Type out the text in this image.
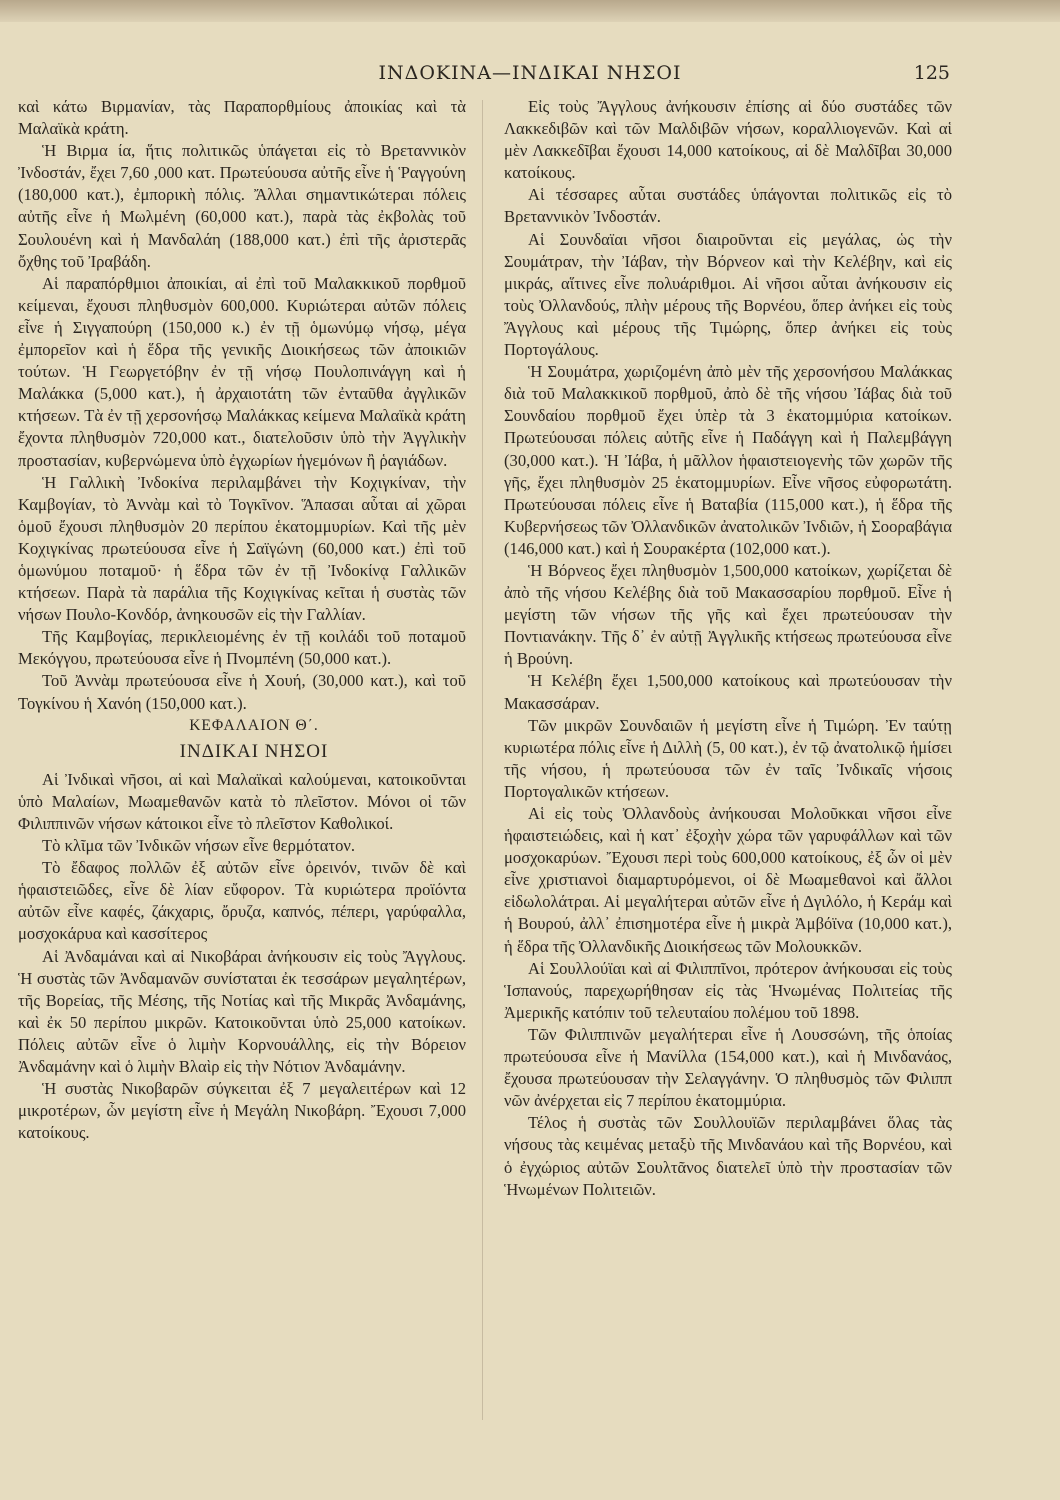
ΙΝΔΟΚΙΝΑ—ΙΝΔΙΚΑΙ ΝΗΣΟΙ	125

καὶ κάτω Βιρμανίαν, τὰς Παραπορθμίους ἀποικίας καὶ τὰ Μαλαϊκὰ κράτη.

Ἡ Βιρμα ία, ἥτις πολιτικῶς ὑπάγεται εἰς τὸ Βρεταννικὸν Ἰνδοστάν, ἔχει 7,60 ,000 κατ. Πρωτεύουσα αὐτῆς εἶνε ἡ Ῥαγγούνη (180,000 κατ.), ἐμπορικὴ πόλις. Ἄλλαι σημαντικώτεραι πόλεις αὐτῆς εἶνε ἡ Μωλμένη (60,000 κατ.), παρὰ τὰς ἐκβολὰς τοῦ Σουλουένη καὶ ἡ Μανδαλάη (188,000 κατ.) ἐπὶ τῆς ἀριστερᾶς ὄχθης τοῦ Ἰραβάδη.

Αἱ παραπόρθμιοι ἀποικίαι, αἱ ἐπὶ τοῦ Μαλακκικοῦ πορθμοῦ κείμεναι, ἔχουσι πληθυσμὸν 600,000. Κυριώτεραι αὐτῶν πόλεις εἶνε ἡ Σιγγαπούρη (150,000 κ.) ἐν τῇ ὁμωνύμῳ νήσῳ, μέγα ἐμπορεῖον καὶ ἡ ἕδρα τῆς γενικῆς Διοικήσεως τῶν ἀποικιῶν τούτων. Ἡ Γεωργετόβην ἐν τῇ νήσῳ Πουλοπινάγγη καὶ ἡ Μαλάκκα (5,000 κατ.), ἡ ἀρχαιοτάτη τῶν ἐνταῦθα ἀγγλικῶν κτήσεων. Τὰ ἐν τῇ χερσονήσῳ Μαλάκκας κείμενα Μαλαϊκὰ κράτη ἔχοντα πληθυσμὸν 720,000 κατ., διατελοῦσιν ὑπὸ τὴν Ἀγγλικὴν προστασίαν, κυβερνώμενα ὑπὸ ἐγχωρίων ἡγεμόνων ἢ ῥαγιάδων.

Ἡ Γαλλικὴ Ἰνδοκίνα περιλαμβάνει τὴν Κοχιγκίναν, τὴν Καμβογίαν, τὸ Ἀννὰμ καὶ τὸ Τογκῖνον. Ἅπασαι αὗται αἱ χῶραι ὁμοῦ ἔχουσι πληθυσμὸν 20 περίπου ἑκατομμυρίων. Καὶ τῆς μὲν Κοχιγκίνας πρωτεύουσα εἶνε ἡ Σαϊγώνη (60,000 κατ.) ἐπὶ τοῦ ὁμωνύμου ποταμοῦ· ἡ ἕδρα τῶν ἐν τῇ Ἰνδοκίνᾳ Γαλλικῶν κτήσεων. Παρὰ τὰ παράλια τῆς Κοχιγκίνας κεῖται ἡ συστὰς τῶν νήσων Πουλο-Κονδόρ, ἀνηκουσῶν εἰς τὴν Γαλλίαν.

Τῆς Καμβογίας, περικλειομένης ἐν τῇ κοιλάδι τοῦ ποταμοῦ Μεκόγγου, πρωτεύουσα εἶνε ἡ Πνομπένη (50,000 κατ.).

Τοῦ Ἀννὰμ πρωτεύουσα εἶνε ἡ Χουή, (30,000 κατ.), καὶ τοῦ Τογκίνου ἡ Χανόη (150,000 κατ.).

ΚΕΦΑΛΑΙΟΝ Θ΄.

ΙΝΔΙΚΑΙ ΝΗΣΟΙ

Αἱ Ἰνδικαὶ νῆσοι, αἱ καὶ Μαλαϊκαὶ καλούμεναι, κατοικοῦνται ὑπὸ Μαλαίων, Μωαμεθανῶν κατὰ τὸ πλεῖστον. Μόνοι οἱ τῶν Φιλιππινῶν νήσων κάτοικοι εἶνε τὸ πλεῖστον Καθολικοί.

Τὸ κλῖμα τῶν Ἰνδικῶν νήσων εἶνε θερμότατον.

Τὸ ἔδαφος πολλῶν ἐξ αὐτῶν εἶνε ὀρεινόν, τινῶν δὲ καὶ ἡφαιστειῶδες, εἶνε δὲ λίαν εὔφορον. Τὰ κυριώτερα προϊόντα αὐτῶν εἶνε καφές, ζάκχαρις, ὄρυζα, καπνός, πέπερι, γαρύφαλλα, μοσχοκάρυα καὶ κασσίτερος

Αἱ Ἀνδαμάναι καὶ αἱ Νικοβάραι ἀνήκουσιν εἰς τοὺς Ἄγγλους. Ἡ συστὰς τῶν Ἀνδαμανῶν συνίσταται ἐκ τεσσάρων μεγαλητέρων, τῆς Βορείας, τῆς Μέσης, τῆς Νοτίας καὶ τῆς Μικρᾶς Ἀνδαμάνης, καὶ ἐκ 50 περίπου μικρῶν. Κατοικοῦνται ὑπὸ 25,000 κατοίκων. Πόλεις αὐτῶν εἶνε ὁ λιμὴν Κορνουάλλης, εἰς τὴν Βόρειον Ἀνδαμάνην καὶ ὁ λιμὴν Βλαὶρ εἰς τὴν Νότιον Ἀνδαμάνην.

Ἡ συστὰς Νικοβαρῶν σύγκειται ἐξ 7 μεγαλειτέρων καὶ 12 μικροτέρων, ὧν μεγίστη εἶνε ἡ Μεγάλη Νικοβάρη. Ἔχουσι 7,000 κατοίκους.

Εἰς τοὺς Ἄγγλους ἀνήκουσιν ἐπίσης αἱ δύο συστάδες τῶν Λακκεδιβῶν καὶ τῶν Μαλδιβῶν νήσων, κοραλλιογενῶν. Καὶ αἱ μὲν Λακκεδῖβαι ἔχουσι 14,000 κατοίκους, αἱ δὲ Μαλδῖβαι 30,000 κατοίκους.

Αἱ τέσσαρες αὗται συστάδες ὑπάγονται πολιτικῶς εἰς τὸ Βρεταννικὸν Ἰνδοστάν.

Αἱ Σουνδαϊαι νῆσοι διαιροῦνται εἰς μεγάλας, ὡς τὴν Σουμάτραν, τὴν Ἰάβαν, τὴν Βόρνεον καὶ τὴν Κελέβην, καὶ εἰς μικράς, αἵτινες εἶνε πολυάριθμοι. Αἱ νῆσοι αὗται ἀνήκουσιν εἰς τοὺς Ὀλλανδούς, πλὴν μέρους τῆς Βορνέου, ὅπερ ἀνήκει εἰς τοὺς Ἄγγλους καὶ μέρους τῆς Τιμώρης, ὅπερ ἀνήκει εἰς τοὺς Πορτογάλους.

Ἡ Σουμάτρα, χωριζομένη ἀπὸ μὲν τῆς χερσονήσου Μαλάκκας διὰ τοῦ Μαλακκικοῦ πορθμοῦ, ἀπὸ δὲ τῆς νήσου Ἰάβας διὰ τοῦ Σουνδαίου πορθμοῦ ἔχει ὑπὲρ τὰ 3 ἑκατομμύρια κατοίκων. Πρωτεύουσαι πόλεις αὐτῆς εἶνε ἡ Παδάγγη καὶ ἡ Παλεμβάγγη (30,000 κατ.). Ἡ Ἰάβα, ἡ μᾶλλον ἡφαιστειογενὴς τῶν χωρῶν τῆς γῆς, ἔχει πληθυσμὸν 25 ἑκατομμυρίων. Εἶνε νῆσος εὐφορωτάτη. Πρωτεύουσαι πόλεις εἶνε ἡ Βαταβία (115,000 κατ.), ἡ ἕδρα τῆς Κυβερνήσεως τῶν Ὀλλανδικῶν ἀνατολικῶν Ἰνδιῶν, ἡ Σοοραβάγια (146,000 κατ.) καὶ ἡ Σουρακέρτα (102,000 κατ.).

Ἡ Βόρνεος ἔχει πληθυσμὸν 1,500,000 κατοίκων, χωρίζεται δὲ ἀπὸ τῆς νήσου Κελέβης διὰ τοῦ Μακασσαρίου πορθμοῦ. Εἶνε ἡ μεγίστη τῶν νήσων τῆς γῆς καὶ ἔχει πρωτεύουσαν τὴν Ποντιανάκην. Τῆς δ᾽ ἐν αὐτῇ Ἀγγλικῆς κτήσεως πρωτεύουσα εἶνε ἡ Βρούνη.

Ἡ Κελέβη ἔχει 1,500,000 κατοίκους καὶ πρωτεύουσαν τὴν Μακασσάραν.

Τῶν μικρῶν Σουνδαιῶν ἡ μεγίστη εἶνε ἡ Τιμώρη. Ἐν ταύτῃ κυριωτέρα πόλις εἶνε ἡ Διλλὴ (5, 00 κατ.), ἐν τῷ ἀνατολικῷ ἡμίσει τῆς νήσου, ἡ πρωτεύουσα τῶν ἐν ταῖς Ἰνδικαῖς νήσοις Πορτογαλικῶν κτήσεων.

Αἱ εἰς τοὺς Ὀλλανδοὺς ἀνήκουσαι Μολοῦκκαι νῆσοι εἶνε ἡφαιστειώδεις, καὶ ἡ κατ᾽ ἐξοχὴν χώρα τῶν γαρυφάλλων καὶ τῶν μοσχοκαρύων. Ἔχουσι περὶ τοὺς 600,000 κατοίκους, ἐξ ὧν οἱ μὲν εἶνε χριστιανοὶ διαμαρτυρόμενοι, οἱ δὲ Μωαμεθανοὶ καὶ ἄλλοι εἰδωλολάτραι. Αἱ μεγαλήτεραι αὐτῶν εἶνε ἡ Δγιλόλο, ἡ Κεράμ καὶ ἡ Βουρού, ἀλλ᾽ ἐπισημοτέρα εἶνε ἡ μικρὰ Ἀμβόϊνα (10,000 κατ.), ἡ ἕδρα τῆς Ὀλλανδικῆς Διοικήσεως τῶν Μολουκκῶν.

Αἱ Σουλλούϊαι καὶ αἱ Φιλιππῖνοι, πρότερον ἀνήκουσαι εἰς τοὺς Ἱσπανούς, παρεχωρήθησαν εἰς τὰς Ἡνωμένας Πολιτείας τῆς Ἀμερικῆς κατόπιν τοῦ τελευταίου πολέμου τοῦ 1898.

Τῶν Φιλιππινῶν μεγαλήτεραι εἶνε ἡ Λουσσώνη, τῆς ὁποίας πρωτεύουσα εἶνε ἡ Μανίλλα (154,000 κατ.), καὶ ἡ Μινδανάος, ἔχουσα πρωτεύουσαν τὴν Σελαγγάνην. Ὁ πληθυσμὸς τῶν Φιλιππ νῶν ἀνέρχεται εἰς 7 περίπου ἑκατομμύρια.

Τέλος ἡ συστὰς τῶν Σουλλουϊῶν περιλαμβάνει ὅλας τὰς νήσους τὰς κειμένας μεταξὺ τῆς Μινδανάου καὶ τῆς Βορνέου, καὶ ὁ ἐγχώριος αὐτῶν Σουλτᾶνος διατελεῖ ὑπὸ τὴν προστασίαν τῶν Ἡνωμένων Πολιτειῶν.
